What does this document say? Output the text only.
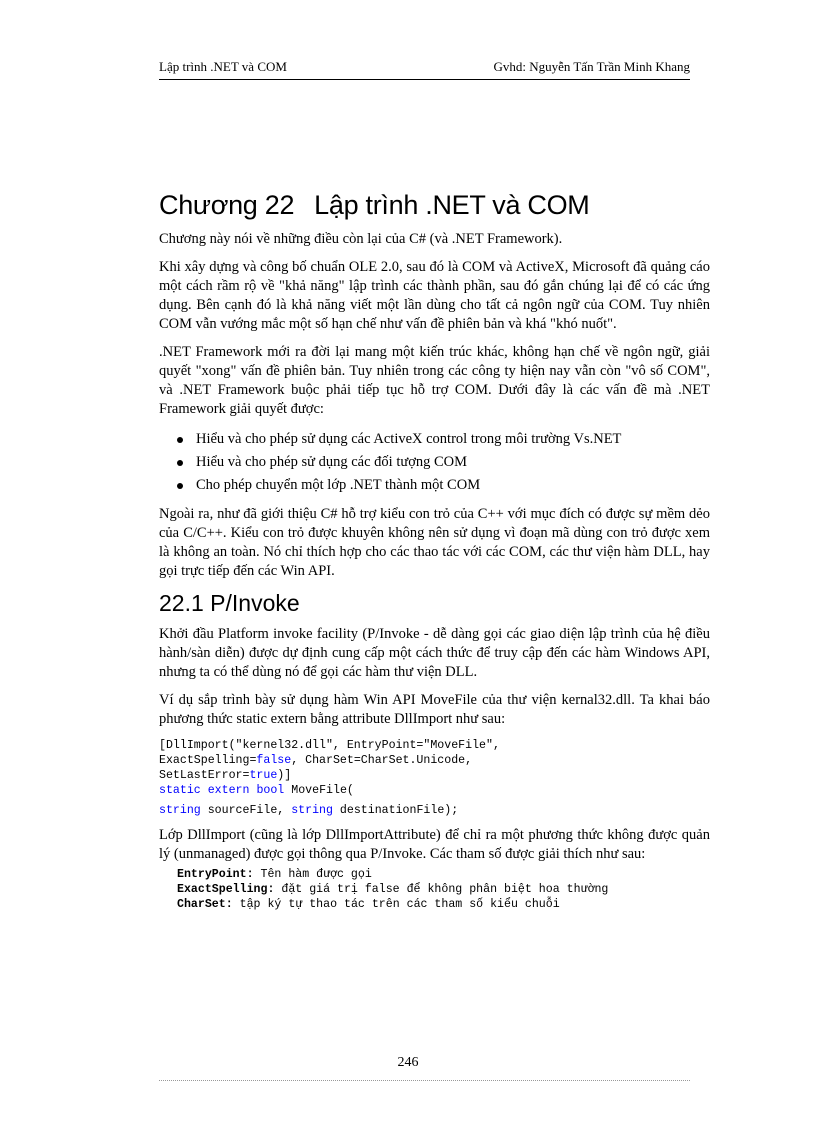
Lập trình .NET và COM	Gvhd: Nguyễn Tấn Trần Minh Khang
Chương 22 Lập trình .NET và COM

Chương này nói về những điều còn lại của C# (và .NET Framework).

Khi xây dựng và công bố chuẩn OLE 2.0, sau đó là COM và ActiveX, Microsoft đã quảng cáo một cách rầm rộ về "khả năng" lập trình các thành phần, sau đó gắn chúng lại để có các ứng dụng. Bên cạnh đó là khả năng viết một lần dùng cho tất cả ngôn ngữ của COM. Tuy nhiên COM vẫn vướng mắc một số hạn chế như vấn đề phiên bản và khá "khó nuốt".

.NET Framework mới ra đời lại mang một kiến trúc khác, không hạn chế về ngôn ngữ, giải quyết "xong" vấn đề phiên bản. Tuy nhiên trong các công ty hiện nay vẫn còn "vô số COM", và .NET Framework buộc phải tiếp tục hỗ trợ COM. Dưới đây là các vấn đề mà .NET Framework giải quyết được:

Hiểu và cho phép sử dụng các ActiveX control trong môi trường Vs.NET
Hiểu và cho phép sử dụng các đối tượng COM
Cho phép chuyển một lớp .NET thành một COM

Ngoài ra, như đã giới thiệu C# hỗ trợ kiểu con trỏ của C++ với mục đích có được sự mềm dẻo của C/C++. Kiểu con trỏ được khuyên không nên sử dụng vì đoạn mã dùng con trỏ được xem là không an toàn. Nó chỉ thích hợp cho các thao tác với các COM, các thư viện hàm DLL, hay gọi trực tiếp đến các Win API.

22.1 P/Invoke

Khởi đầu Platform invoke facility (P/Invoke - dễ dàng gọi các giao diện lập trình của hệ điều hành/sàn diễn) được dự định cung cấp một cách thức để truy cập đến các hàm Windows API, nhưng ta có thể dùng nó để gọi các hàm thư viện DLL.

Ví dụ sắp trình bày sử dụng hàm Win API MoveFile của thư viện kernal32.dll. Ta khai báo phương thức static extern bằng attribute DllImport như sau:

[DllImport("kernel32.dll", EntryPoint="MoveFile",
ExactSpelling=false, CharSet=CharSet.Unicode,
SetLastError=true)]
static extern bool MoveFile(
string sourceFile, string destinationFile);

Lớp DllImport (cũng là lớp DllImportAttribute) để chỉ ra một phương thức không được quản lý (unmanaged) được gọi thông qua P/Invoke. Các tham số được giải thích như sau:

EntryPoint: Tên hàm được gọi
ExactSpelling: đặt giá trị false để không phân biệt hoa thường
CharSet: tập ký tự thao tác trên các tham số kiểu chuỗi
246
